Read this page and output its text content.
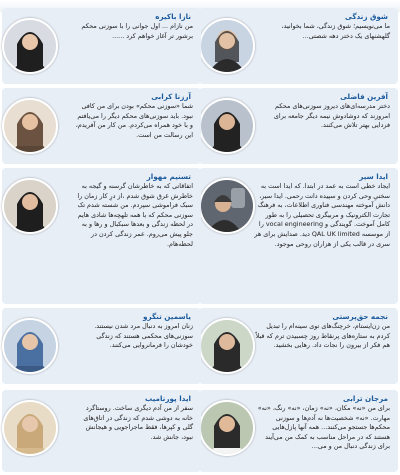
شوق زندگی
ما می‌نویسیم؛ شوق زندگی، شما بخوانید، گلهشنهای یک دختر دهه شصتی...
نازا باکیره
من نازام ... اول جوانی را با سوزنی محکم برشور تر آغاز خواهم کرد ......
آفرین فاضلی
دختر مدرسه‌ای‌های دیروز سوزنی‌های محکم امروزند که دوشادوش نیمه دیگر جامعه برای فردایی بهتر تلاش می‌کنند.
آرزنا کرابی
شما «سوزنی محکم» بودن برای من کافی نبود. باید سوزنی‌های محکم دیگر را می‌یافتم و با خود همراه می‌کردم. من کار من آفریدم، این رسالت من است.
ایدا سیر
ایجاد خطی است به عمد در ابتدا. که ایدا است به سختیِ وحی کردن و سپیده دانت رحمی. ایدا سیر، دانش آموخته مهندسی فناوری اطلاعات، به فرهنگ تجارت الکترونیک و مربیگری تحصیلی را به طور کامل آموخت. گویندگی و vocal engineering را از موسسه QAL UK limited دید. صدایش برای هر سری در قالب یکی از هزاران روحی موجود.
تسنیم مهوار
اتفاقاتی که به خاطرشان گرسنه و گیجه به خاطرش غرق شوق شدم ،از درِ کار زمان را سبک فراموشی سپردم. من شسته شدم تک سوزنی محکم که با همه تلهچه‌ها شادی هایم در لحظه زندگی و بعدها سبکبال و رها و به جلو پیش می‌روم. عمر زندگی کردن در لحظه‌هام.
نجمه حق‌پرستی
من زن‌ایستام، خرچنگ‌های توی سینه‌ام را تبدیل کردم به ستاره‌های پرنقاط روز چسبیدن ترم که قبلاً هم فکر از بیرون را نجات داد. رهایی بخشید.
یاسمین تنگرو
زنان امروز به دنبال مرد شدن نیستند. سوزنی‌های محکمی هستند که زندگی خودشان را فرمانروایی می‌کنند.
مرجان ترابی
برای من «نه» مکان، «نه» زمان، «نه» رنگ، «نه» مهارت. «نه» شخصیت‌ها نه آدم‌ها و سوزنی محکم‌ها جستجو می‌کنند... همه آنها پازل‌هایی هستند که در مراحل مناسب به کمک من می‌آیند برای زندگی دنبال من و می...
ایدا پورنامیب
سفر از من آدم دیگری ساخت. روستاگرد خانه به دوشی شدم که زندگی در اتاق‌های گلی و کپرها، فقط ماجراجویی و هیجانش نبود، جانش شد.
